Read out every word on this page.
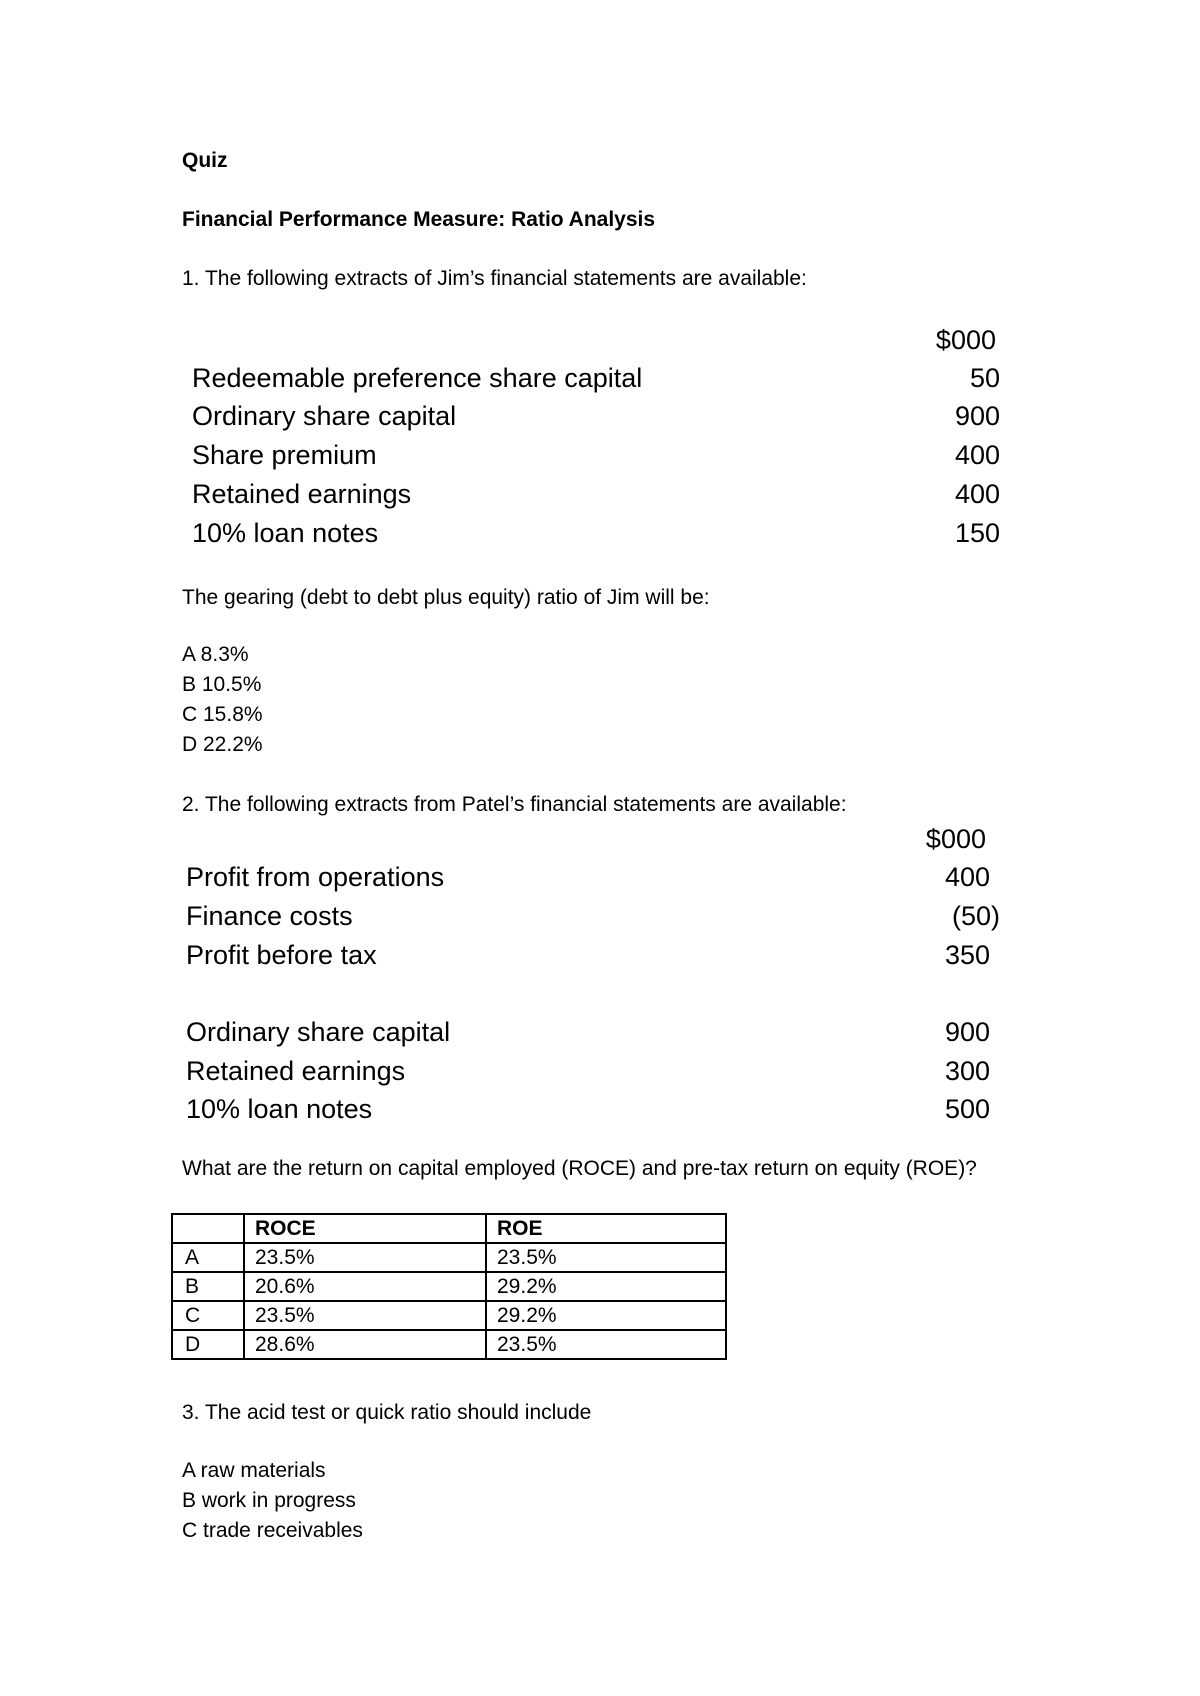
Quiz
Financial Performance Measure: Ratio Analysis
1. The following extracts of Jim’s financial statements are available:
$000
Redeemable preference share capital	50
Ordinary share capital	900
Share premium	400
Retained earnings	400
10% loan notes	150
The gearing (debt to debt plus equity) ratio of Jim will be:
A 8.3%
B 10.5%
C 15.8%
D 22.2%
2. The following extracts from Patel’s financial statements are available:
$000
Profit from operations	400
Finance costs	(50)
Profit before tax	350
Ordinary share capital	900
Retained earnings	300
10% loan notes	500
What are the return on capital employed (ROCE) and pre-tax return on equity (ROE)?
	ROCE	ROE
A	23.5%	23.5%
B	20.6%	29.2%
C	23.5%	29.2%
D	28.6%	23.5%
3. The acid test or quick ratio should include
A raw materials
B work in progress
C trade receivables
